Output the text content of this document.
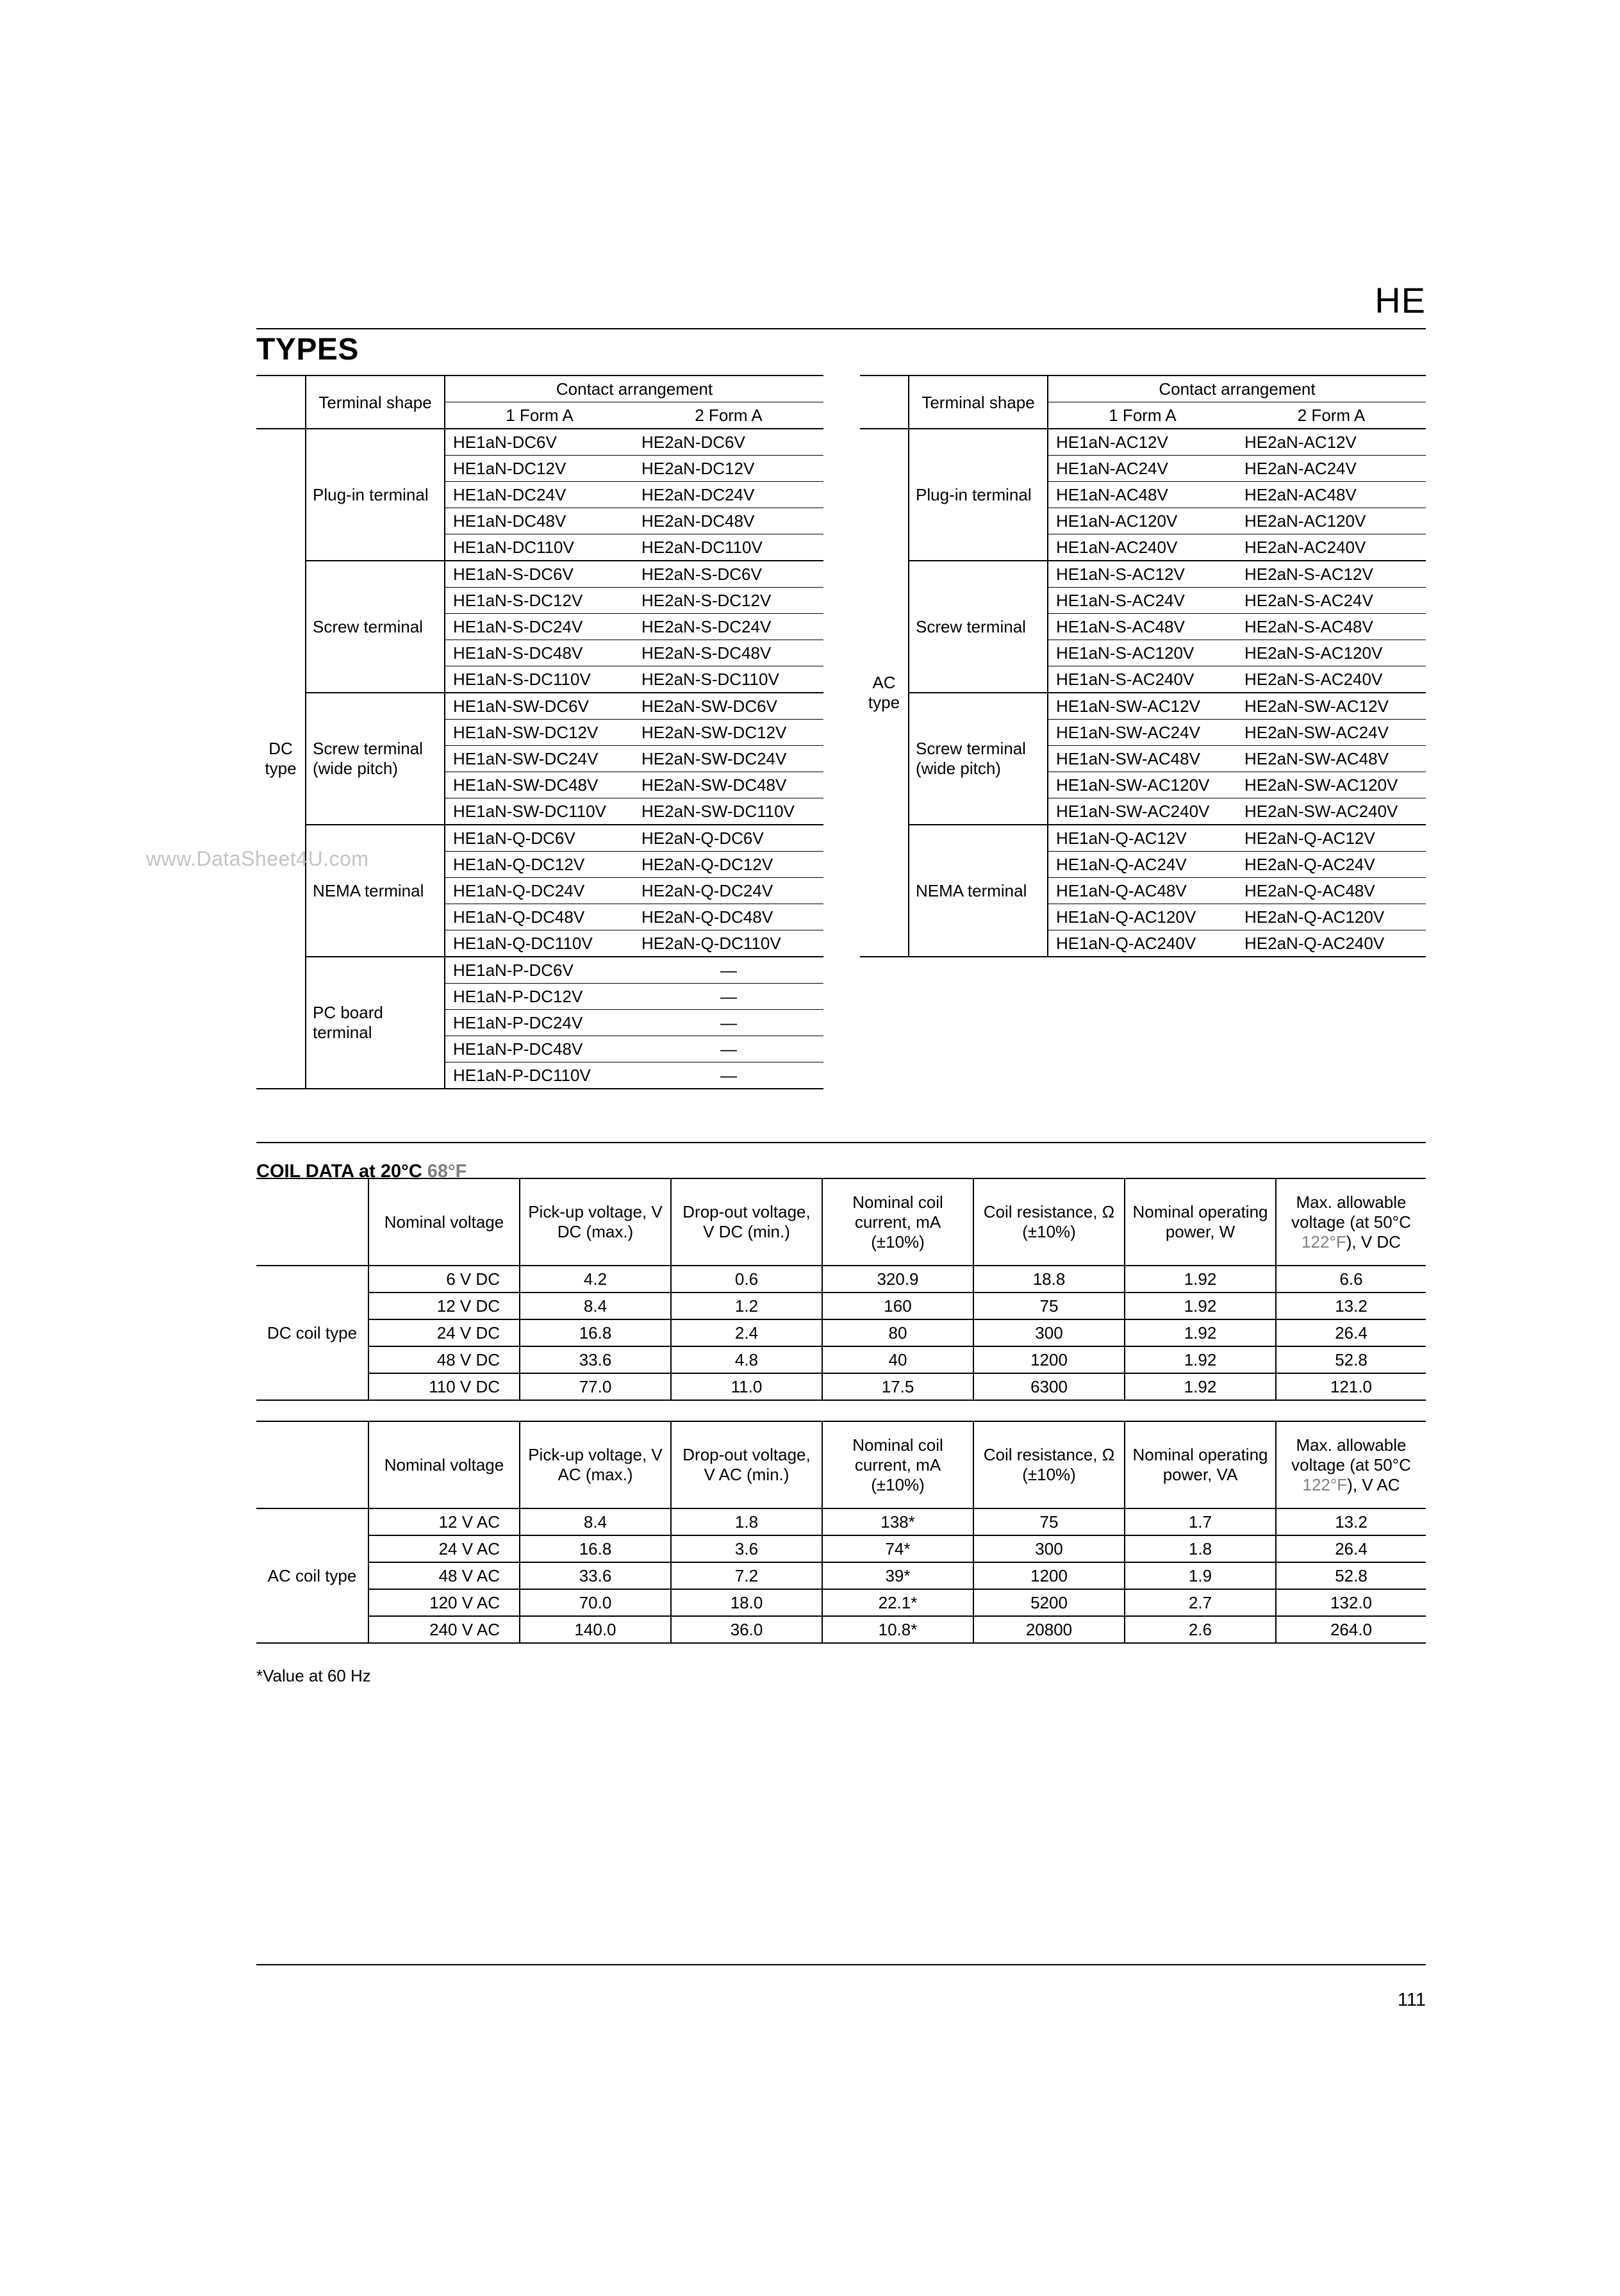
HE
TYPES
	Terminal shape	Contact arrangement	
		1 Form A	2 Form A
DC type	Plug-in terminal	HE1aN-DC6V	HE2aN-DC6V
		HE1aN-DC12V	HE2aN-DC12V
		HE1aN-DC24V	HE2aN-DC24V
		HE1aN-DC48V	HE2aN-DC48V
		HE1aN-DC110V	HE2aN-DC110V
	Screw terminal	HE1aN-S-DC6V	HE2aN-S-DC6V
		HE1aN-S-DC12V	HE2aN-S-DC12V
		HE1aN-S-DC24V	HE2aN-S-DC24V
		HE1aN-S-DC48V	HE2aN-S-DC48V
		HE1aN-S-DC110V	HE2aN-S-DC110V
	Screw terminal (wide pitch)	HE1aN-SW-DC6V	HE2aN-SW-DC6V
		HE1aN-SW-DC12V	HE2aN-SW-DC12V
		HE1aN-SW-DC24V	HE2aN-SW-DC24V
		HE1aN-SW-DC48V	HE2aN-SW-DC48V
		HE1aN-SW-DC110V	HE2aN-SW-DC110V
	NEMA terminal	HE1aN-Q-DC6V	HE2aN-Q-DC6V
		HE1aN-Q-DC12V	HE2aN-Q-DC12V
		HE1aN-Q-DC24V	HE2aN-Q-DC24V
		HE1aN-Q-DC48V	HE2aN-Q-DC48V
		HE1aN-Q-DC110V	HE2aN-Q-DC110V
	PC board terminal	HE1aN-P-DC6V	—
		HE1aN-P-DC12V	—
		HE1aN-P-DC24V	—
		HE1aN-P-DC48V	—
		HE1aN-P-DC110V	—
	Terminal shape	Contact arrangement	
		1 Form A	2 Form A
AC type	Plug-in terminal	HE1aN-AC12V	HE2aN-AC12V
		HE1aN-AC24V	HE2aN-AC24V
		HE1aN-AC48V	HE2aN-AC48V
		HE1aN-AC120V	HE2aN-AC120V
		HE1aN-AC240V	HE2aN-AC240V
	Screw terminal	HE1aN-S-AC12V	HE2aN-S-AC12V
		HE1aN-S-AC24V	HE2aN-S-AC24V
		HE1aN-S-AC48V	HE2aN-S-AC48V
		HE1aN-S-AC120V	HE2aN-S-AC120V
		HE1aN-S-AC240V	HE2aN-S-AC240V
	Screw terminal (wide pitch)	HE1aN-SW-AC12V	HE2aN-SW-AC12V
		HE1aN-SW-AC24V	HE2aN-SW-AC24V
		HE1aN-SW-AC48V	HE2aN-SW-AC48V
		HE1aN-SW-AC120V	HE2aN-SW-AC120V
		HE1aN-SW-AC240V	HE2aN-SW-AC240V
	NEMA terminal	HE1aN-Q-AC12V	HE2aN-Q-AC12V
		HE1aN-Q-AC24V	HE2aN-Q-AC24V
		HE1aN-Q-AC48V	HE2aN-Q-AC48V
		HE1aN-Q-AC120V	HE2aN-Q-AC120V
		HE1aN-Q-AC240V	HE2aN-Q-AC240V
www.DataSheet4U.com
COIL DATA at 20°C 68°F
	Nominal voltage	Pick-up voltage, V DC (max.)	Drop-out voltage, V DC (min.)	Nominal coil current, mA (±10%)	Coil resistance, Ω (±10%)	Nominal operating power, W	Max. allowable voltage (at 50°C 122°F), V DC
DC coil type	6 V DC	4.2	0.6	320.9	18.8	1.92	6.6
	12 V DC	8.4	1.2	160	75	1.92	13.2
	24 V DC	16.8	2.4	80	300	1.92	26.4
	48 V DC	33.6	4.8	40	1200	1.92	52.8
	110 V DC	77.0	11.0	17.5	6300	1.92	121.0
	Nominal voltage	Pick-up voltage, V AC (max.)	Drop-out voltage, V AC (min.)	Nominal coil current, mA (±10%)	Coil resistance, Ω (±10%)	Nominal operating power, VA	Max. allowable voltage (at 50°C 122°F), V AC
AC coil type	12 V AC	8.4	1.8	138*	75	1.7	13.2
	24 V AC	16.8	3.6	74*	300	1.8	26.4
	48 V AC	33.6	7.2	39*	1200	1.9	52.8
	120 V AC	70.0	18.0	22.1*	5200	2.7	132.0
	240 V AC	140.0	36.0	10.8*	20800	2.6	264.0
*Value at 60 Hz
111
